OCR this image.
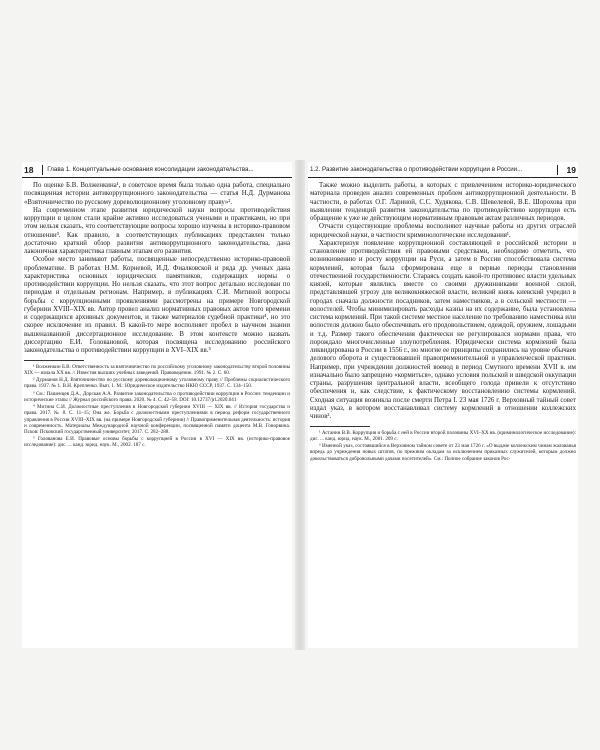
18	Глава 1. Концептуальные основания консолидации законодательства...

По оценке Б.В. Волженкина¹, в советское время была только одна работа, специально посвященная истории антикоррупционного законодательства — статья Н.Д. Дурманова «Взяточничество по русскому дореволюционному уголовному праву»².

На современном этапе развития юридической науки вопросы противодействия коррупции в целом стали крайне активно исследоваться учеными и практиками, но при этом нельзя сказать, что соответствующие вопросы хорошо изучены в историко-правовом отношении³. Как правило, в соответствующих публикациях представлен только достаточно краткий обзор развития антикоррупционного законодательства, дана лаконичная характеристика главным этапам его развития.

Особое место занимают работы, посвященные непосредственно историко-правовой проблематике. В работах Н.М. Корневой, И.Д. Фиалковской и ряда др. ученых дана характеристика основных юридических памятников, содержащих нормы о противодействии коррупции. Но нельзя сказать, что этот вопрос детально исследован по периодам и отдельным регионам. Например, в публикациях С.И. Митиной вопросы борьбы с коррупционными проявлениями рассмотрены на примере Новгородской губернии XVIII–XIX вв. Автор провел анализ нормативных правовых актов того времени и содержащихся архивных документов, и также материалов судебной практики⁴, но это скорее исключение из правил. В какой-то мере восполняет пробел в научном знании вышеназванной диссертационное исследование. В этом контексте можно назвать диссертацию Е.И. Головановой, которая посвящена исследованию российского законодательства о противодействии коррупции в XVI–XIX вв.⁵

¹ Волженкин Б.В. Ответственность за взяточничество по российскому уголовному законодательству второй половины XIX — начала XX вв. // Известия высших учебных заведений. Правоведение. 1991. № 2. С. 60.
² Дурманов Н.Д. Взяточничество по русскому дореволюционному уголовному праву // Проблемы социалистического права. 1937. № 1. В.Н. Крепленко. Вып. 1. М.: Юридическое издательство НКЮ СССР, 1937. С. 134–150.
³ См.: Пашенцев Д.А., Дорская А.А. Развитие законодательства о противодействии коррупции в России: тенденции и исторические этапы // Журнал российского права. 2020. № 4. С. 42–58. DOI: 10.12737/jrl.2020.041
⁴ Митина С.И. Должностные преступления в Новгородской губернии XVIII — XIX вв. // История государства и права. 2017. № 8. С. 11–15; Она же. Борьба с должностными преступлениями в период реформ государственного управления в России XVIII–XIX вв. (на примере Новгородской губернии) // Правоприменительная деятельность: история и современность. Материалы Международной научной конференции, посвященной памяти доцента М.В. Гонорвина. Псков: Псковский государственный университет, 2017. С. 282–288.
⁵ Голованова Е.И. Правовые основы борьбы с коррупцией в России в XVI — XIX вв. (историко-правовое исследование): дис. ... канд. юрид. наук. М., 2002. 187 с.
1.2. Развитие законодательства о противодействии коррупции в России...	19

Также можно выделить работы, в которых с привлечением историко-юридического материала проведен анализ современных проблем антикоррупционной деятельности. В частности, в работах О.Г. Лариной, С.С. Худякова, С.В. Шевелевой, В.Е. Шорохова при выявлении тенденций развития законодательства по противодействию коррупции есть обращение к уже не действующим нормативным правовым актам различных периодов.

Отчасти существующие проблемы восполняют научные работы из других отраслей юридической науки, в частности криминологические исследования¹.

Характеризуя появление коррупционной составляющей в российской истории и становление противодействия ей правовыми средствами, необходимо отметить, что возникновению и росту коррупции на Руси, а затем в России способствовала система кормлений, которая была сформирована еще в первые периоды становления отечественной государственности. Стараясь создать какой-то противовес власти удельных князей, которые являлись вместе со своими дружинниками военной силой, представлявшей угрозу для великокняжеской власти, великий князь киевский учредил в городах сначала должности посадников, затем наместников, а в сельской местности — волостелей. Чтобы минимизировать расходы казны на их содержание, была установлена система кормлений. При такой системе местное население по требованию наместника или волостеля должно было обеспечивать его продовольствием, одеждой, оружием, лошадьми и т.д. Размер такого обеспечения фактически не регулировался нормами права, что порождало многочисленные злоупотребления. Юридически система кормлений была ликвидирована в России в 1556 г., но многие ее принципы сохранились на уровне обычаев делового оборота и существовавшей правоприменительной и управленческой практики. Например, при учреждении должностей воевод в период Смутного времени XVII в. им изначально было запрещено «кормиться», однако условия польской и шведской оккупации страны, разрушения центральной власти, всеобщего голода привели к отсутствию обеспечения и, как следствие, к фактическому восстановлению системы кормлений. Сходная ситуация возникла после смерти Петра I. 23 мая 1726 г. Верховный тайный совет издал указ, в котором восстанавливал систему кормлений в отношении коллежских чинов².

¹ Астанин В.В. Коррупция и борьба с ней в России второй половины XVI–XX вв. (криминологическое исследование): дис. ... канд. юрид. наук. М., 2001. 209 с.
² Именной указ, состоявшийся в Верховном тайном совете от 23 мая 1726 г. «О выдаче коллежским чинам жалованья впредь до учреждения новых штатов, по прежним окладам за исключением приказных служителей, которым должно довольствоваться добровольными дачами посетителей». См.: Полное собрание законов Рос-
